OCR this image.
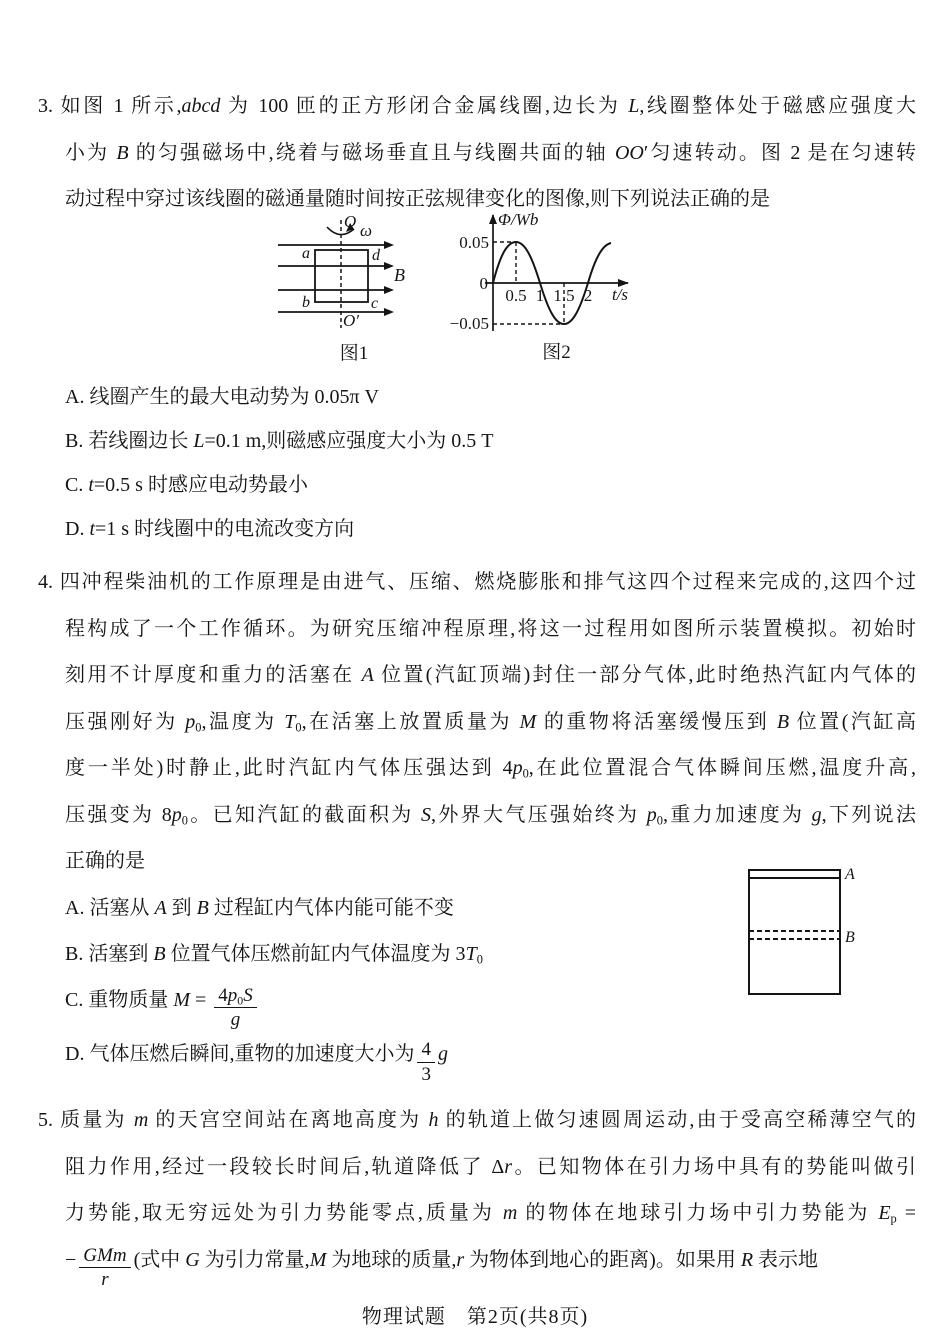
3. 如图 1 所示,abcd 为 100 匝的正方形闭合金属线圈,边长为 L,线圈整体处于磁感应强度大
小为 B 的匀强磁场中,绕着与磁场垂直且与线圈共面的轴 OO′匀速转动。图 2 是在匀速转
动过程中穿过该线圈的磁通量随时间按正弦规律变化的图像,则下列说法正确的是
A. 线圈产生的最大电动势为 0.05π V
B. 若线圈边长 L=0.1 m,则磁感应强度大小为 0.5 T
C. t=0.5 s 时感应电动势最小
D. t=1 s 时线圈中的电流改变方向
O ω
a	d
b	c
B
O′
图1
Φ/Wb
0.05
0
−0.05
0.5 1 1.5 2 t/s
图2
4. 四冲程柴油机的工作原理是由进气、压缩、燃烧膨胀和排气这四个过程来完成的,这四个过
程构成了一个工作循环。为研究压缩冲程原理,将这一过程用如图所示装置模拟。初始时
刻用不计厚度和重力的活塞在 A 位置(汽缸顶端)封住一部分气体,此时绝热汽缸内气体的
压强刚好为 $p_0$,温度为 $T_0$,在活塞上放置质量为 M 的重物将活塞缓慢压到 B 位置(汽缸高
度一半处)时静止,此时汽缸内气体压强达到 $4p_0$,在此位置混合气体瞬间压燃,温度升高,
压强变为 $8p_0$。已知汽缸的截面积为 S,外界大气压强始终为 $p_0$,重力加速度为 g,下列说法
正确的是
A. 活塞从 A 到 B 过程缸内气体内能可能不变
B. 活塞到 B 位置气体压燃前缸内气体温度为 $3T_0$
C. 重物质量 $M = \frac{4p_0S}{g}$
D. 气体压燃后瞬间,重物的加速度大小为 $\frac{4}{3}$ g
A
B
5. 质量为 m 的天宫空间站在离地高度为 h 的轨道上做匀速圆周运动,由于受高空稀薄空气的
阻力作用,经过一段较长时间后,轨道降低了 Δr。已知物体在引力场中具有的势能叫做引
力势能,取无穷远处为引力势能零点,质量为 m 的物体在地球引力场中引力势能为 $E_p$ =
− $\frac{\text{GMm}}{r}$ (式中 G 为引力常量,M 为地球的质量,r 为物体到地心的距离)。如果用 R 表示地
物理试题　第2页(共8页)
